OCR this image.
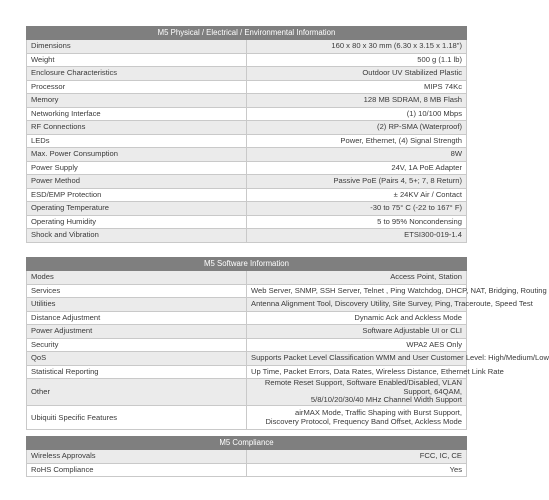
M5 Physical / Electrical / Environmental Information	
Dimensions	160 x 80 x 30 mm (6.30 x 3.15 x 1.18")
Weight	500 g (1.1 lb)
Enclosure Characteristics	Outdoor UV Stabilized Plastic
Processor	MIPS 74Kc
Memory	128 MB SDRAM, 8 MB Flash
Networking Interface	(1) 10/100 Mbps
RF Connections	(2) RP-SMA (Waterproof)
LEDs	Power, Ethernet, (4) Signal Strength
Max. Power Consumption	8W
Power Supply	24V, 1A PoE Adapter
Power Method	Passive PoE (Pairs 4, 5+; 7, 8 Return)
ESD/EMP Protection	± 24KV Air / Contact
Operating Temperature	-30 to 75° C (-22 to 167° F)
Operating Humidity	5 to 95% Noncondensing
Shock and Vibration	ETSI300-019-1.4
M5 Software Information	
Modes	Access Point, Station
Services	Web Server, SNMP, SSH Server, Telnet , Ping Watchdog, DHCP, NAT, Bridging, Routing
Utilities	Antenna Alignment Tool, Discovery Utility, Site Survey, Ping, Traceroute, Speed Test
Distance Adjustment	Dynamic Ack and Ackless Mode
Power Adjustment	Software Adjustable UI or CLI
Security	WPA2 AES Only
QoS	Supports Packet Level Classification WMM and User Customer Level: High/Medium/Low
Statistical Reporting	Up Time, Packet Errors, Data Rates, Wireless Distance, Ethernet Link Rate
Other	Remote Reset Support, Software Enabled/Disabled, VLAN Support, 64QAM,
5/8/10/20/30/40 MHz Channel Width Support
Ubiquiti Specific Features	airMAX Mode, Traffic Shaping with Burst Support,
Discovery Protocol, Frequency Band Offset, Ackless Mode
M5 Compliance	
Wireless Approvals	FCC, IC, CE
RoHS Compliance	Yes
